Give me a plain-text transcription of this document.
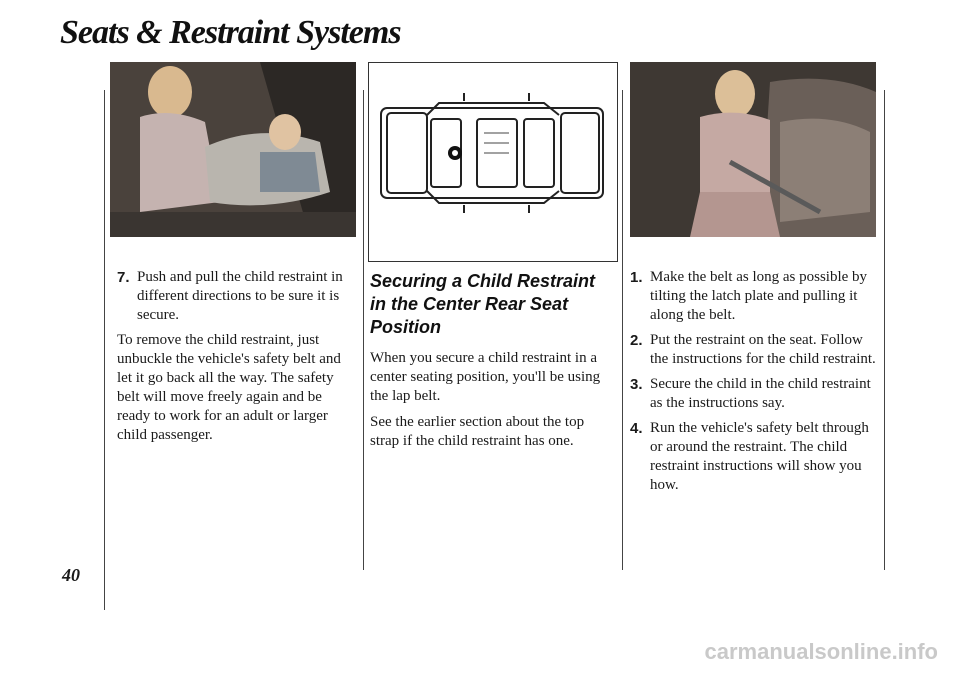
Seats & Restraint Systems
7. Push and pull the child restraint in different directions to be sure it is secure.

To remove the child restraint, just unbuckle the vehicle's safety belt and let it go back all the way. The safety belt will move freely again and be ready to work for an adult or larger child passenger.

Securing a Child Restraint in the Center Rear Seat Position

When you secure a child restraint in a center seating position, you'll be using the lap belt.

See the earlier section about the top strap if the child restraint has one.

1. Make the belt as long as possible by tilting the latch plate and pulling it along the belt.
2. Put the restraint on the seat. Follow the instructions for the child restraint.
3. Secure the child in the child restraint as the instructions say.
4. Run the vehicle's safety belt through or around the restraint. The child restraint instructions will show you how.
40
carmanualsonline.info
